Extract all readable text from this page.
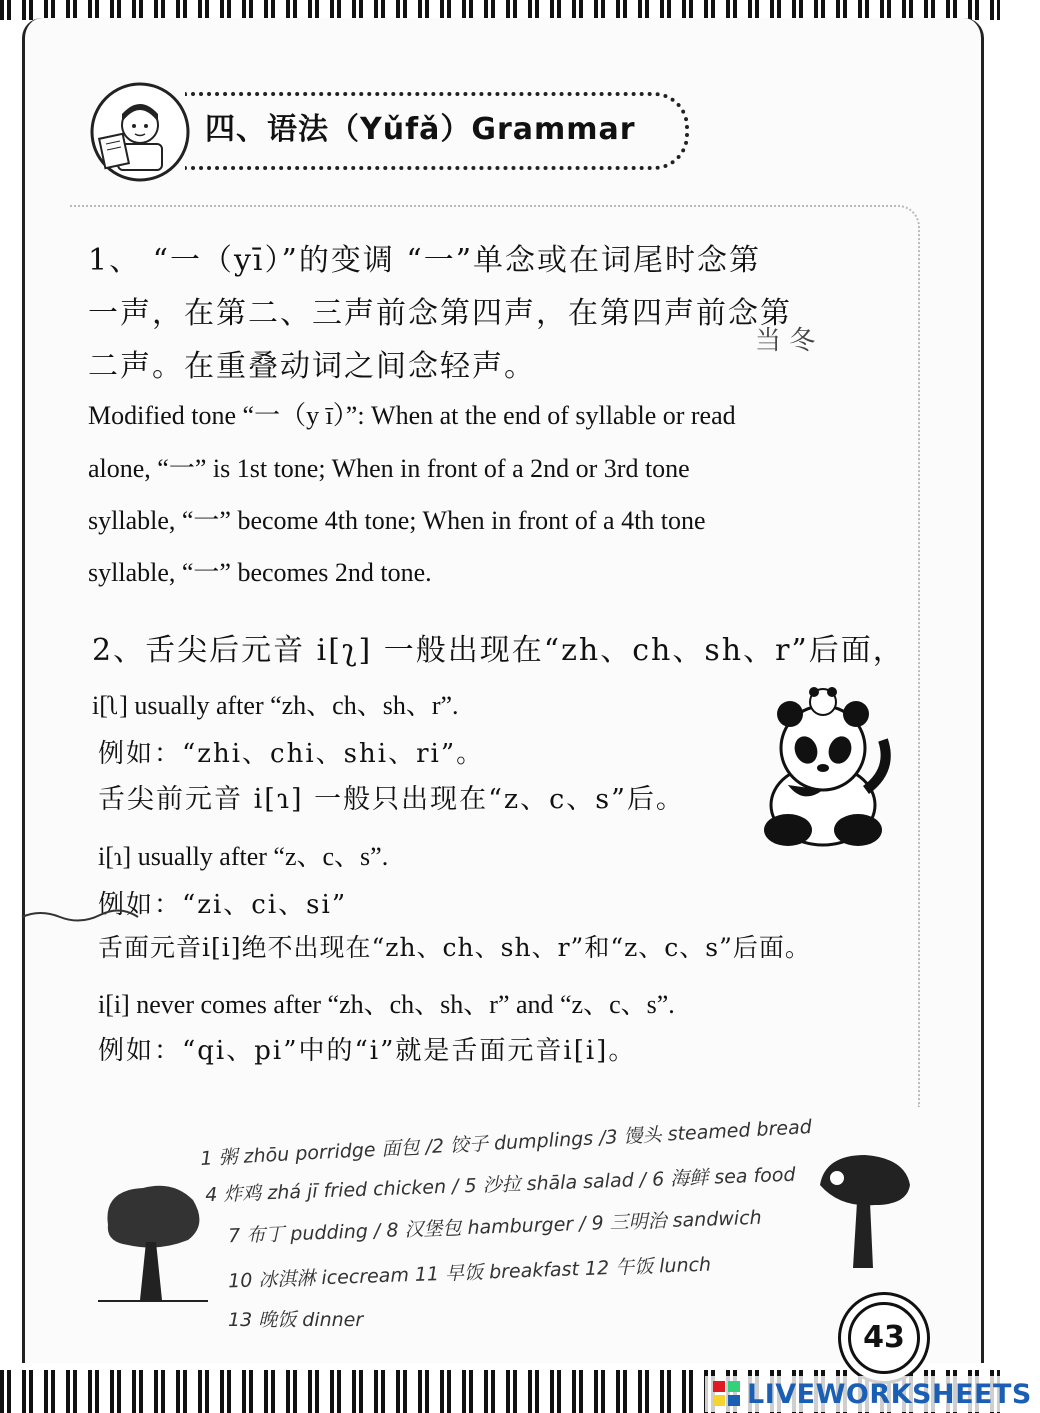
四、语法（Yǔfǎ）Grammar
1、 “一（yī）”的变调 “一”单念或在词尾时念第
一声，在第二、三声前念第四声，在第四声前念第
二声。在重叠动词之间念轻声。
当 冬
Modified tone “一（y ī）”: When at the end of syllable or read
alone, “一” is 1st tone; When in front of a 2nd or 3rd tone
syllable, “一” become 4th tone; When in front of a 4th tone
syllable, “一” becomes 2nd tone.
2、舌尖后元音 i[ʅ] 一般出现在“zh、ch、sh、r”后面，
i[ʅ] usually after “zh、ch、sh、r”.
例如：“zhi、chi、shi、ri”。
舌尖前元音 i[ɿ] 一般只出现在“z、c、s”后。
i[ɿ] usually after “z、c、s”.
例如：“zi、ci、si”
舌面元音i[i]绝不出现在“zh、ch、sh、r”和“z、c、s”后面。
i[i] never comes after “zh、ch、sh、r” and “z、c、s”.
例如：“qi、pi”中的“i”就是舌面元音i[i]。
1 粥 zhōu porridge 面包 /2 饺子 dumplings /3 馒头 steamed bread
4 炸鸡 zhá jī fried chicken / 5 沙拉 shāla salad / 6 海鲜 sea food
7 布丁 pudding / 8 汉堡包 hamburger / 9 三明治 sandwich
10 冰淇淋 icecream 11 早饭 breakfast 12 午饭 lunch
13 晚饭 dinner	43
LIVEWORKSHEETS
